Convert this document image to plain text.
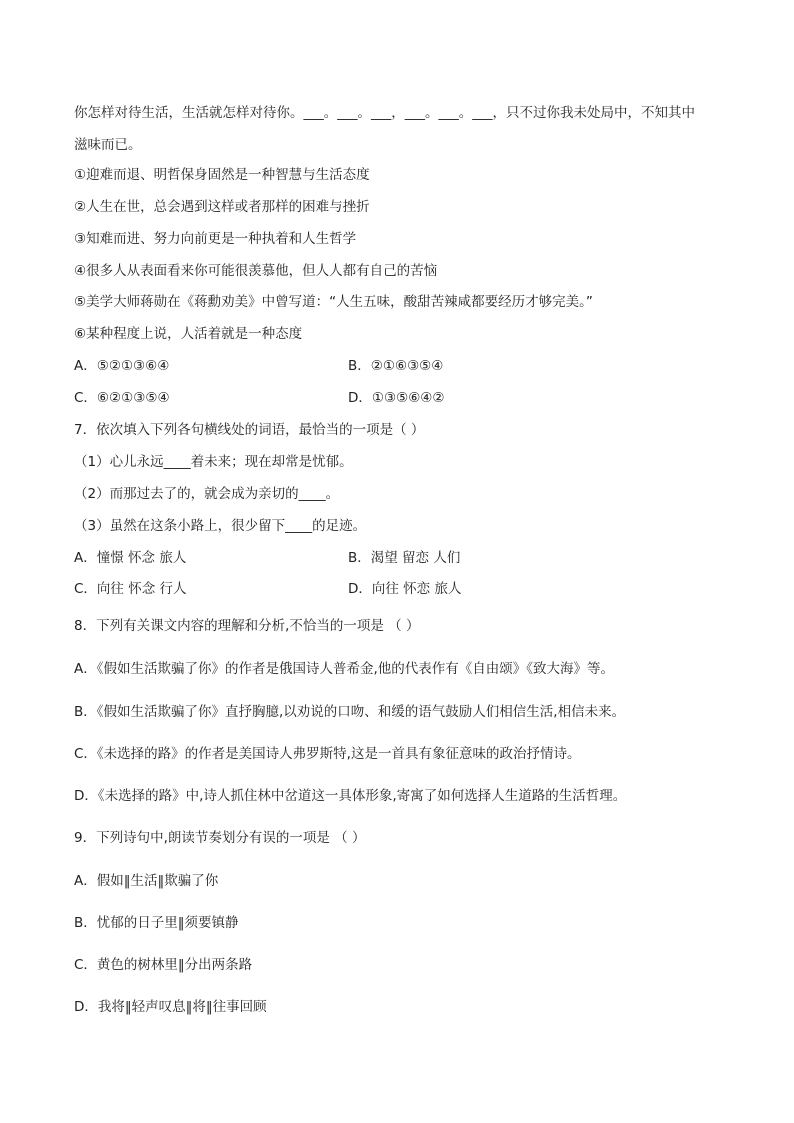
你怎样对待生活，生活就怎样对待你。___。___。___，___。___。___，只不过你我未处局中，不知其中
滋味而已。
①迎难而退、明哲保身固然是一种智慧与生活态度
②人生在世，总会遇到这样或者那样的困难与挫折
③知难而进、努力向前更是一种执着和人生哲学
④很多人从表面看来你可能很羡慕他，但人人都有自己的苦恼
⑤美学大师蒋勋在《蒋勳劝美》中曾写道：“人生五味，酸甜苦辣咸都要经历才够完美。”
⑥某种程度上说，人活着就是一种态度
A．⑤②①③⑥④	B．②①⑥③⑤④
C．⑥②①③⑤④	D．①③⑤⑥④②
7．依次填入下列各句横线处的词语，最恰当的一项是（ ）
（1）心儿永远____着未来；现在却常是忧郁。
（2）而那过去了的，就会成为亲切的____。
（3）虽然在这条小路上，很少留下____的足迹。
A．憧憬 怀念 旅人	B．渴望 留恋 人们
C．向往 怀念 行人	D．向往 怀恋 旅人
8．下列有关课文内容的理解和分析,不恰当的一项是 （ ）
A．《假如生活欺骗了你》的作者是俄国诗人普希金,他的代表作有《自由颂》《致大海》等。
B．《假如生活欺骗了你》直抒胸臆,以劝说的口吻、和缓的语气鼓励人们相信生活,相信未来。
C．《未选择的路》的作者是美国诗人弗罗斯特,这是一首具有象征意味的政治抒情诗。
D．《未选择的路》中,诗人抓住林中岔道这一具体形象,寄寓了如何选择人生道路的生活哲理。
9．下列诗句中,朗读节奏划分有误的一项是 （ ）
A．假如‖生活‖欺骗了你
B．忧郁的日子里‖须要镇静
C．黄色的树林里‖分出两条路
D．我将‖轻声叹息‖将‖往事回顾
